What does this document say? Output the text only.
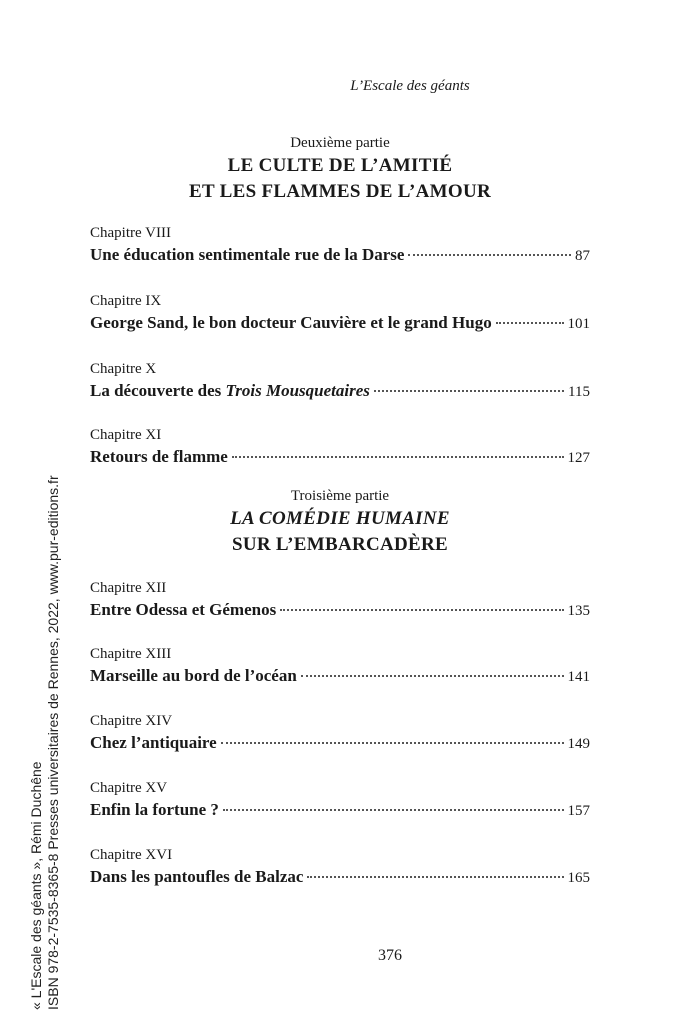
L’Escale des géants
« L'Escale des géants », Rémi Duchêne ISBN 978-2-7535-8365-8 Presses universitaires de Rennes, 2022, www.pur-editions.fr
Deuxième partie
LE CULTE DE L’AMITIÉ
ET LES FLAMMES DE L’AMOUR
Chapitre VIII
Une éducation sentimentale rue de la Darse	87
Chapitre IX
George Sand, le bon docteur Cauvière et le grand Hugo	101
Chapitre X
La découverte des Trois Mousquetaires	115
Chapitre XI
Retours de flamme	127
Troisième partie
LA COMÉDIE HUMAINE
SUR L’EMBARCADÈRE
Chapitre XII
Entre Odessa et Gémenos	135
Chapitre XIII
Marseille au bord de l’océan	141
Chapitre XIV
Chez l’antiquaire	149
Chapitre XV
Enfin la fortune ?	157
Chapitre XVI
Dans les pantoufles de Balzac	165
376
